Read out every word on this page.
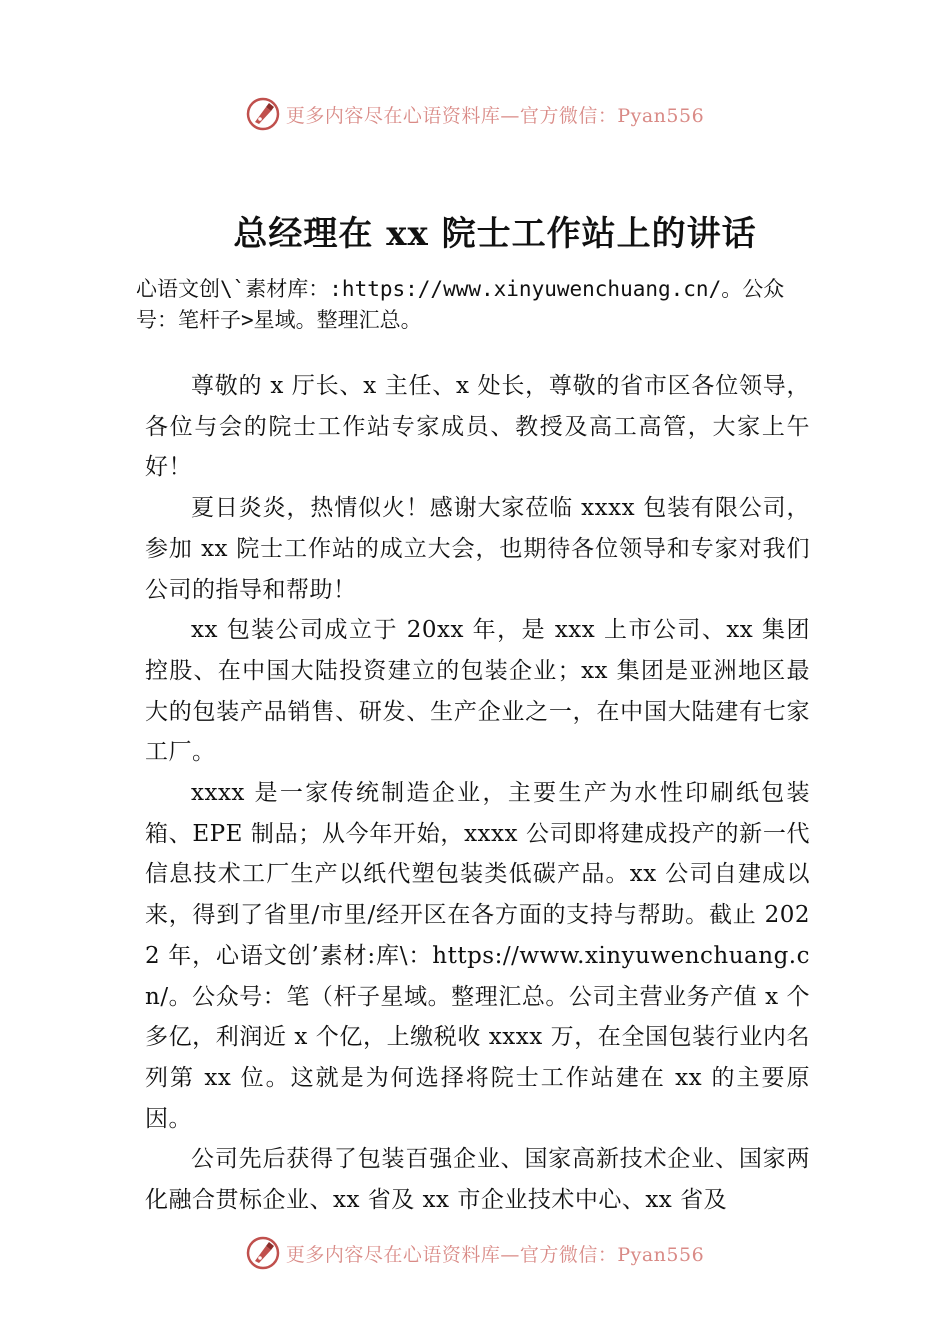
更多内容尽在心语资料库—官方微信：Pyan556
总经理在 xx 院士工作站上的讲话

心语文创\`素材库：:https://www.xinyuwenchuang.cn/。公众号：笔杆子>星域。整理汇总。

尊敬的 x 厅长、x 主任、x 处长，尊敬的省市区各位领导，各位与会的院士工作站专家成员、教授及高工高管，大家上午好！

夏日炎炎，热情似火！感谢大家莅临 xxxx 包装有限公司，参加 xx 院士工作站的成立大会，也期待各位领导和专家对我们公司的指导和帮助！

xx 包装公司成立于 20xx 年，是 xxx 上市公司、xx 集团控股、在中国大陆投资建立的包装企业；xx 集团是亚洲地区最大的包装产品销售、研发、生产企业之一，在中国大陆建有七家工厂。

xxxx 是一家传统制造企业，主要生产为水性印刷纸包装箱、EPE 制品；从今年开始，xxxx 公司即将建成投产的新一代信息技术工厂生产以纸代塑包装类低碳产品。xx 公司自建成以来，得到了省里/市里/经开区在各方面的支持与帮助。截止 2022 年，心语文创’素材:库\：https://www.xinyuwenchuang.cn/。公众号：笔（杆子星域。整理汇总。公司主营业务产值 x 个多亿，利润近 x 个亿，上缴税收 xxxx 万，在全国包装行业内名列第 xx 位。这就是为何选择将院士工作站建在 xx 的主要原因。

公司先后获得了包装百强企业、国家高新技术企业、国家两化融合贯标企业、xx 省及 xx 市企业技术中心、xx 省及

更多内容尽在心语资料库—官方微信：Pyan556
